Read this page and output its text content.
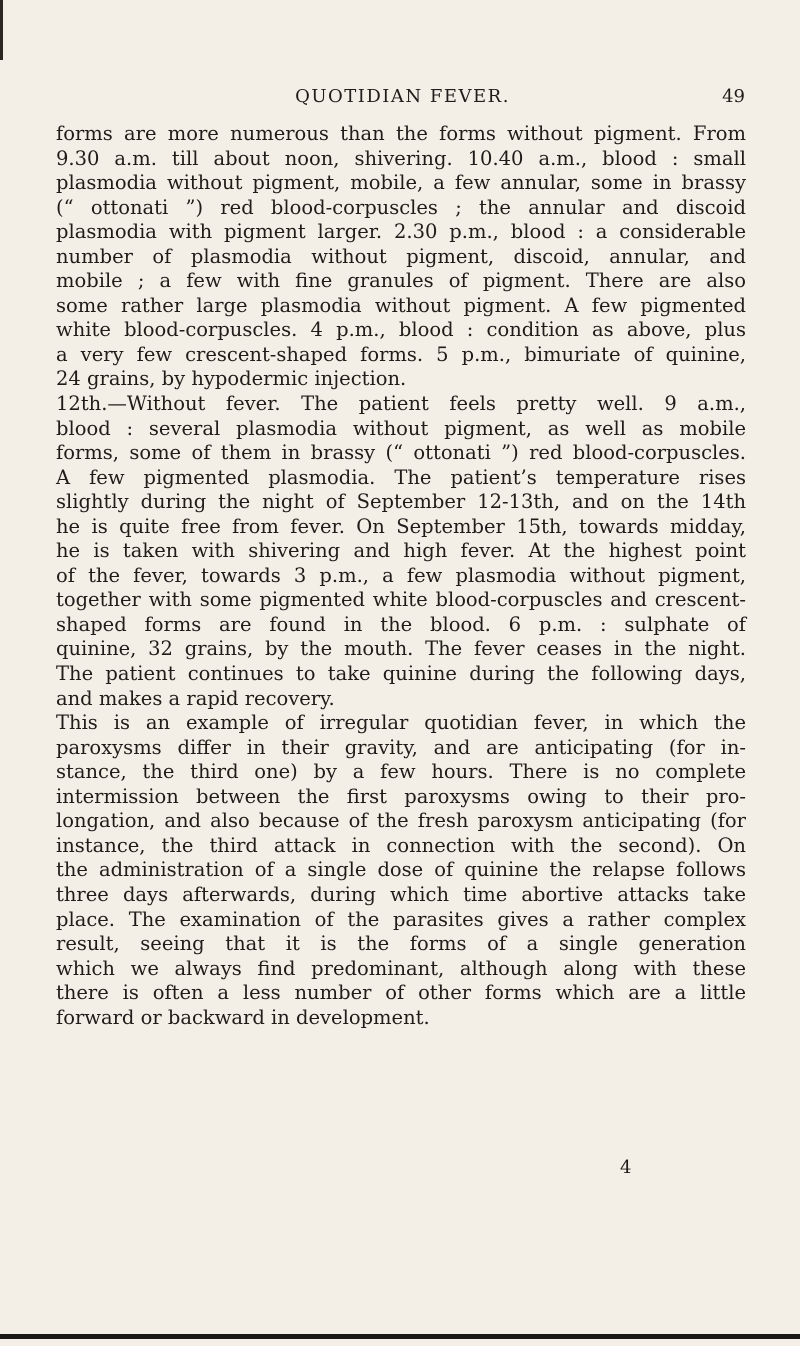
QUOTIDIAN FEVER.	49
forms are more numerous than the forms without pigment. From
9.30 a.m. till about noon, shivering. 10.40 a.m., blood : small
plasmodia without pigment, mobile, a few annular, some in brassy
(“ ottonati ”) red blood-corpuscles ; the annular and discoid
plasmodia with pigment larger. 2.30 p.m., blood : a considerable
number of plasmodia without pigment, discoid, annular, and
mobile ; a few with fine granules of pigment. There are also
some rather large plasmodia without pigment. A few pigmented
white blood-corpuscles. 4 p.m., blood : condition as above, plus
a very few crescent-shaped forms. 5 p.m., bimuriate of quinine,
24 grains, by hypodermic injection.
12th.—Without fever. The patient feels pretty well. 9 a.m.,
blood : several plasmodia without pigment, as well as mobile
forms, some of them in brassy (“ ottonati ”) red blood-corpuscles.
A few pigmented plasmodia. The patient’s temperature rises
slightly during the night of September 12-13th, and on the 14th
he is quite free from fever. On September 15th, towards midday,
he is taken with shivering and high fever. At the highest point
of the fever, towards 3 p.m., a few plasmodia without pigment,
together with some pigmented white blood-corpuscles and crescent-
shaped forms are found in the blood. 6 p.m. : sulphate of
quinine, 32 grains, by the mouth. The fever ceases in the night.
The patient continues to take quinine during the following days,
and makes a rapid recovery.
This is an example of irregular quotidian fever, in which the
paroxysms differ in their gravity, and are anticipating (for in-
stance, the third one) by a few hours. There is no complete
intermission between the first paroxysms owing to their pro-
longation, and also because of the fresh paroxysm anticipating (for
instance, the third attack in connection with the second). On
the administration of a single dose of quinine the relapse follows
three days afterwards, during which time abortive attacks take
place. The examination of the parasites gives a rather complex
result, seeing that it is the forms of a single generation
which we always find predominant, although along with these
there is often a less number of other forms which are a little
forward or backward in development.
4
